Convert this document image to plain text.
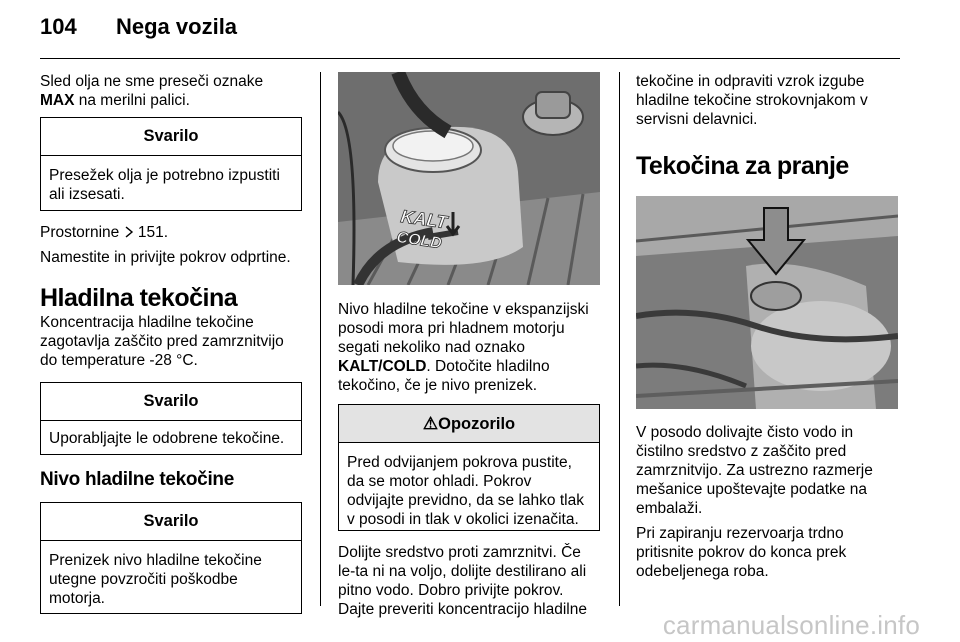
104 Nega vozila

Sled olja ne sme preseči oznake
MAX na merilni palici.

Svarilo
Presežek olja je potrebno izpustiti ali izsesati.

Prostornine  151.

Namestite in privijte pokrov odprtine.

Hladilna tekočina

Koncentracija hladilne tekočine zagotavlja zaščito pred zamrznitvijo do temperature -28 °C.

Svarilo
Uporabljajte le odobrene tekočine.
Nivo hladilne tekočine
Svarilo
Prenizek nivo hladilne tekočine utegne povzročiti poškodbe motorja.
KALT
COLD

Nivo hladilne tekočine v ekspanzijski posodi mora pri hladnem motorju segati nekoliko nad oznako
KALT/COLD. Dotočite hladilno tekočino, če je nivo prenizek.

⚠Opozorilo
Pred odvijanjem pokrova pustite, da se motor ohladi. Pokrov odvijajte previdno, da se lahko tlak v posodi in tlak v okolici izenačita.

Dolijte sredstvo proti zamrznitvi. Če le-ta ni na voljo, dolijte destilirano ali pitno vodo. Dobro privijte pokrov. Dajte preveriti koncentracijo hladilne

tekočine in odpraviti vzrok izgube hladilne tekočine strokovnjakom v servisni delavnici.

Tekočina za pranje

V posodo dolivajte čisto vodo in čistilno sredstvo z zaščito pred zamrznitvijo. Za ustrezno razmerje mešanice upoštevajte podatke na embalaži.

Pri zapiranju rezervoarja trdno pritisnite pokrov do konca prek odebeljenega roba.

carmanualsonline.info
